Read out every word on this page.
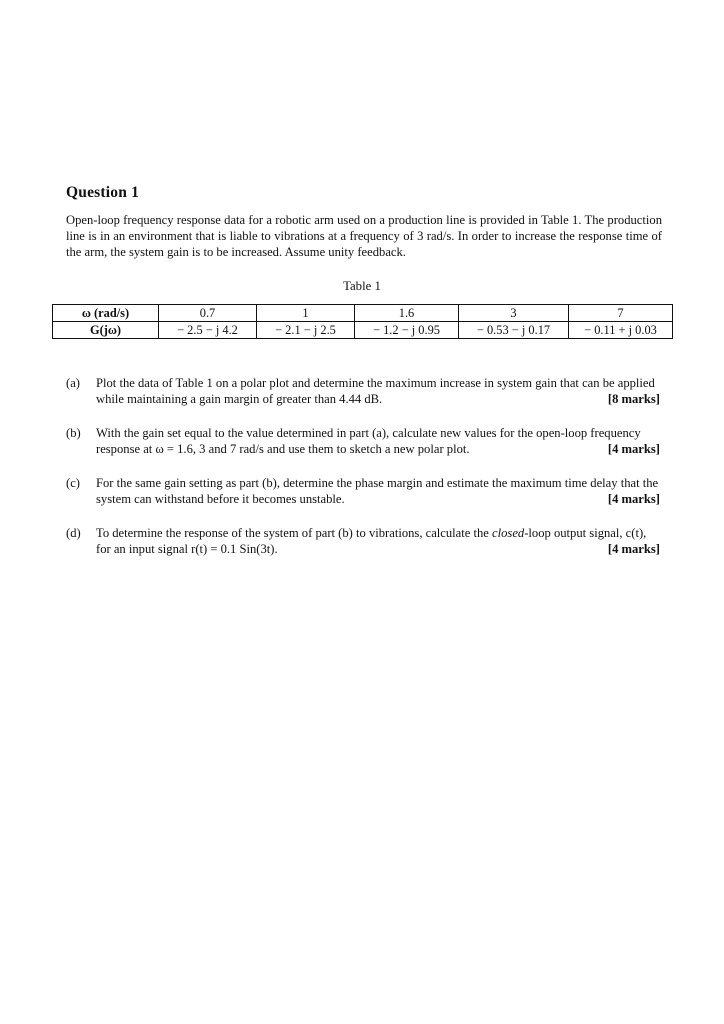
Question 1
Open-loop frequency response data for a robotic arm used on a production line is provided in Table 1. The production line is in an environment that is liable to vibrations at a frequency of 3 rad/s. In order to increase the response time of the arm, the system gain is to be increased. Assume unity feedback.
Table 1
ω (rad/s)	0.7	1	1.6	3	7
G(jω)	− 2.5 − j 4.2	− 2.1 − j 2.5	− 1.2 − j 0.95	− 0.53 − j 0.17	− 0.11 + j 0.03
(a) Plot the data of Table 1 on a polar plot and determine the maximum increase in system gain that can be applied while maintaining a gain margin of greater than 4.44 dB.	[8 marks]
(b) With the gain set equal to the value determined in part (a), calculate new values for the open-loop frequency response at ω = 1.6, 3 and 7 rad/s and use them to sketch a new polar plot.	[4 marks]
(c) For the same gain setting as part (b), determine the phase margin and estimate the maximum time delay that the system can withstand before it becomes unstable.	[4 marks]
(d) To determine the response of the system of part (b) to vibrations, calculate the closed-loop output signal, c(t), for an input signal r(t) = 0.1 Sin(3t).	[4 marks]
